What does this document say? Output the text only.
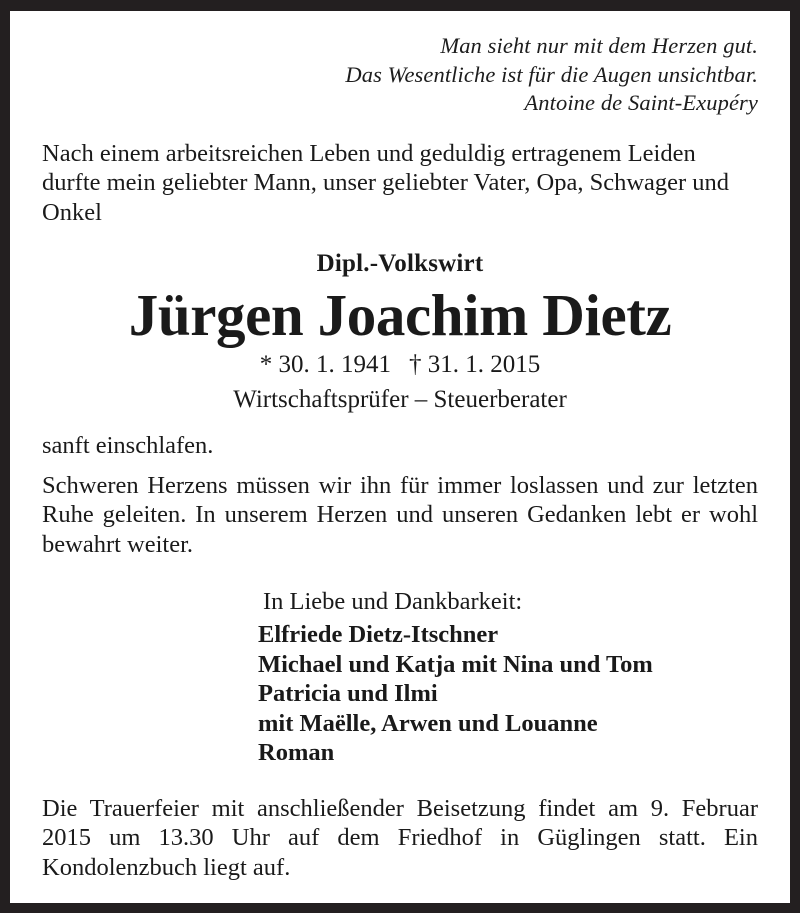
Man sieht nur mit dem Herzen gut.
Das Wesentliche ist für die Augen unsichtbar.
Antoine de Saint-Exupéry

Nach einem arbeitsreichen Leben und geduldig ertragenem Leiden durfte mein geliebter Mann, unser geliebter Vater, Opa, Schwager und Onkel

Dipl.-Volkswirt
Jürgen Joachim Dietz
* 30. 1. 1941 † 31. 1. 2015
Wirtschaftsprüfer – Steuerberater

sanft einschlafen.

Schweren Herzens müssen wir ihn für immer loslassen und zur letzten Ruhe geleiten. In unserem Herzen und unseren Gedanken lebt er wohl bewahrt weiter.

In Liebe und Dankbarkeit:
Elfriede Dietz-Itschner
Michael und Katja mit Nina und Tom
Patricia und Ilmi
mit Maëlle, Arwen und Louanne
Roman

Die Trauerfeier mit anschließender Beisetzung findet am 9. Februar 2015 um 13.30 Uhr auf dem Friedhof in Güglingen statt. Ein Kondolenzbuch liegt auf.
